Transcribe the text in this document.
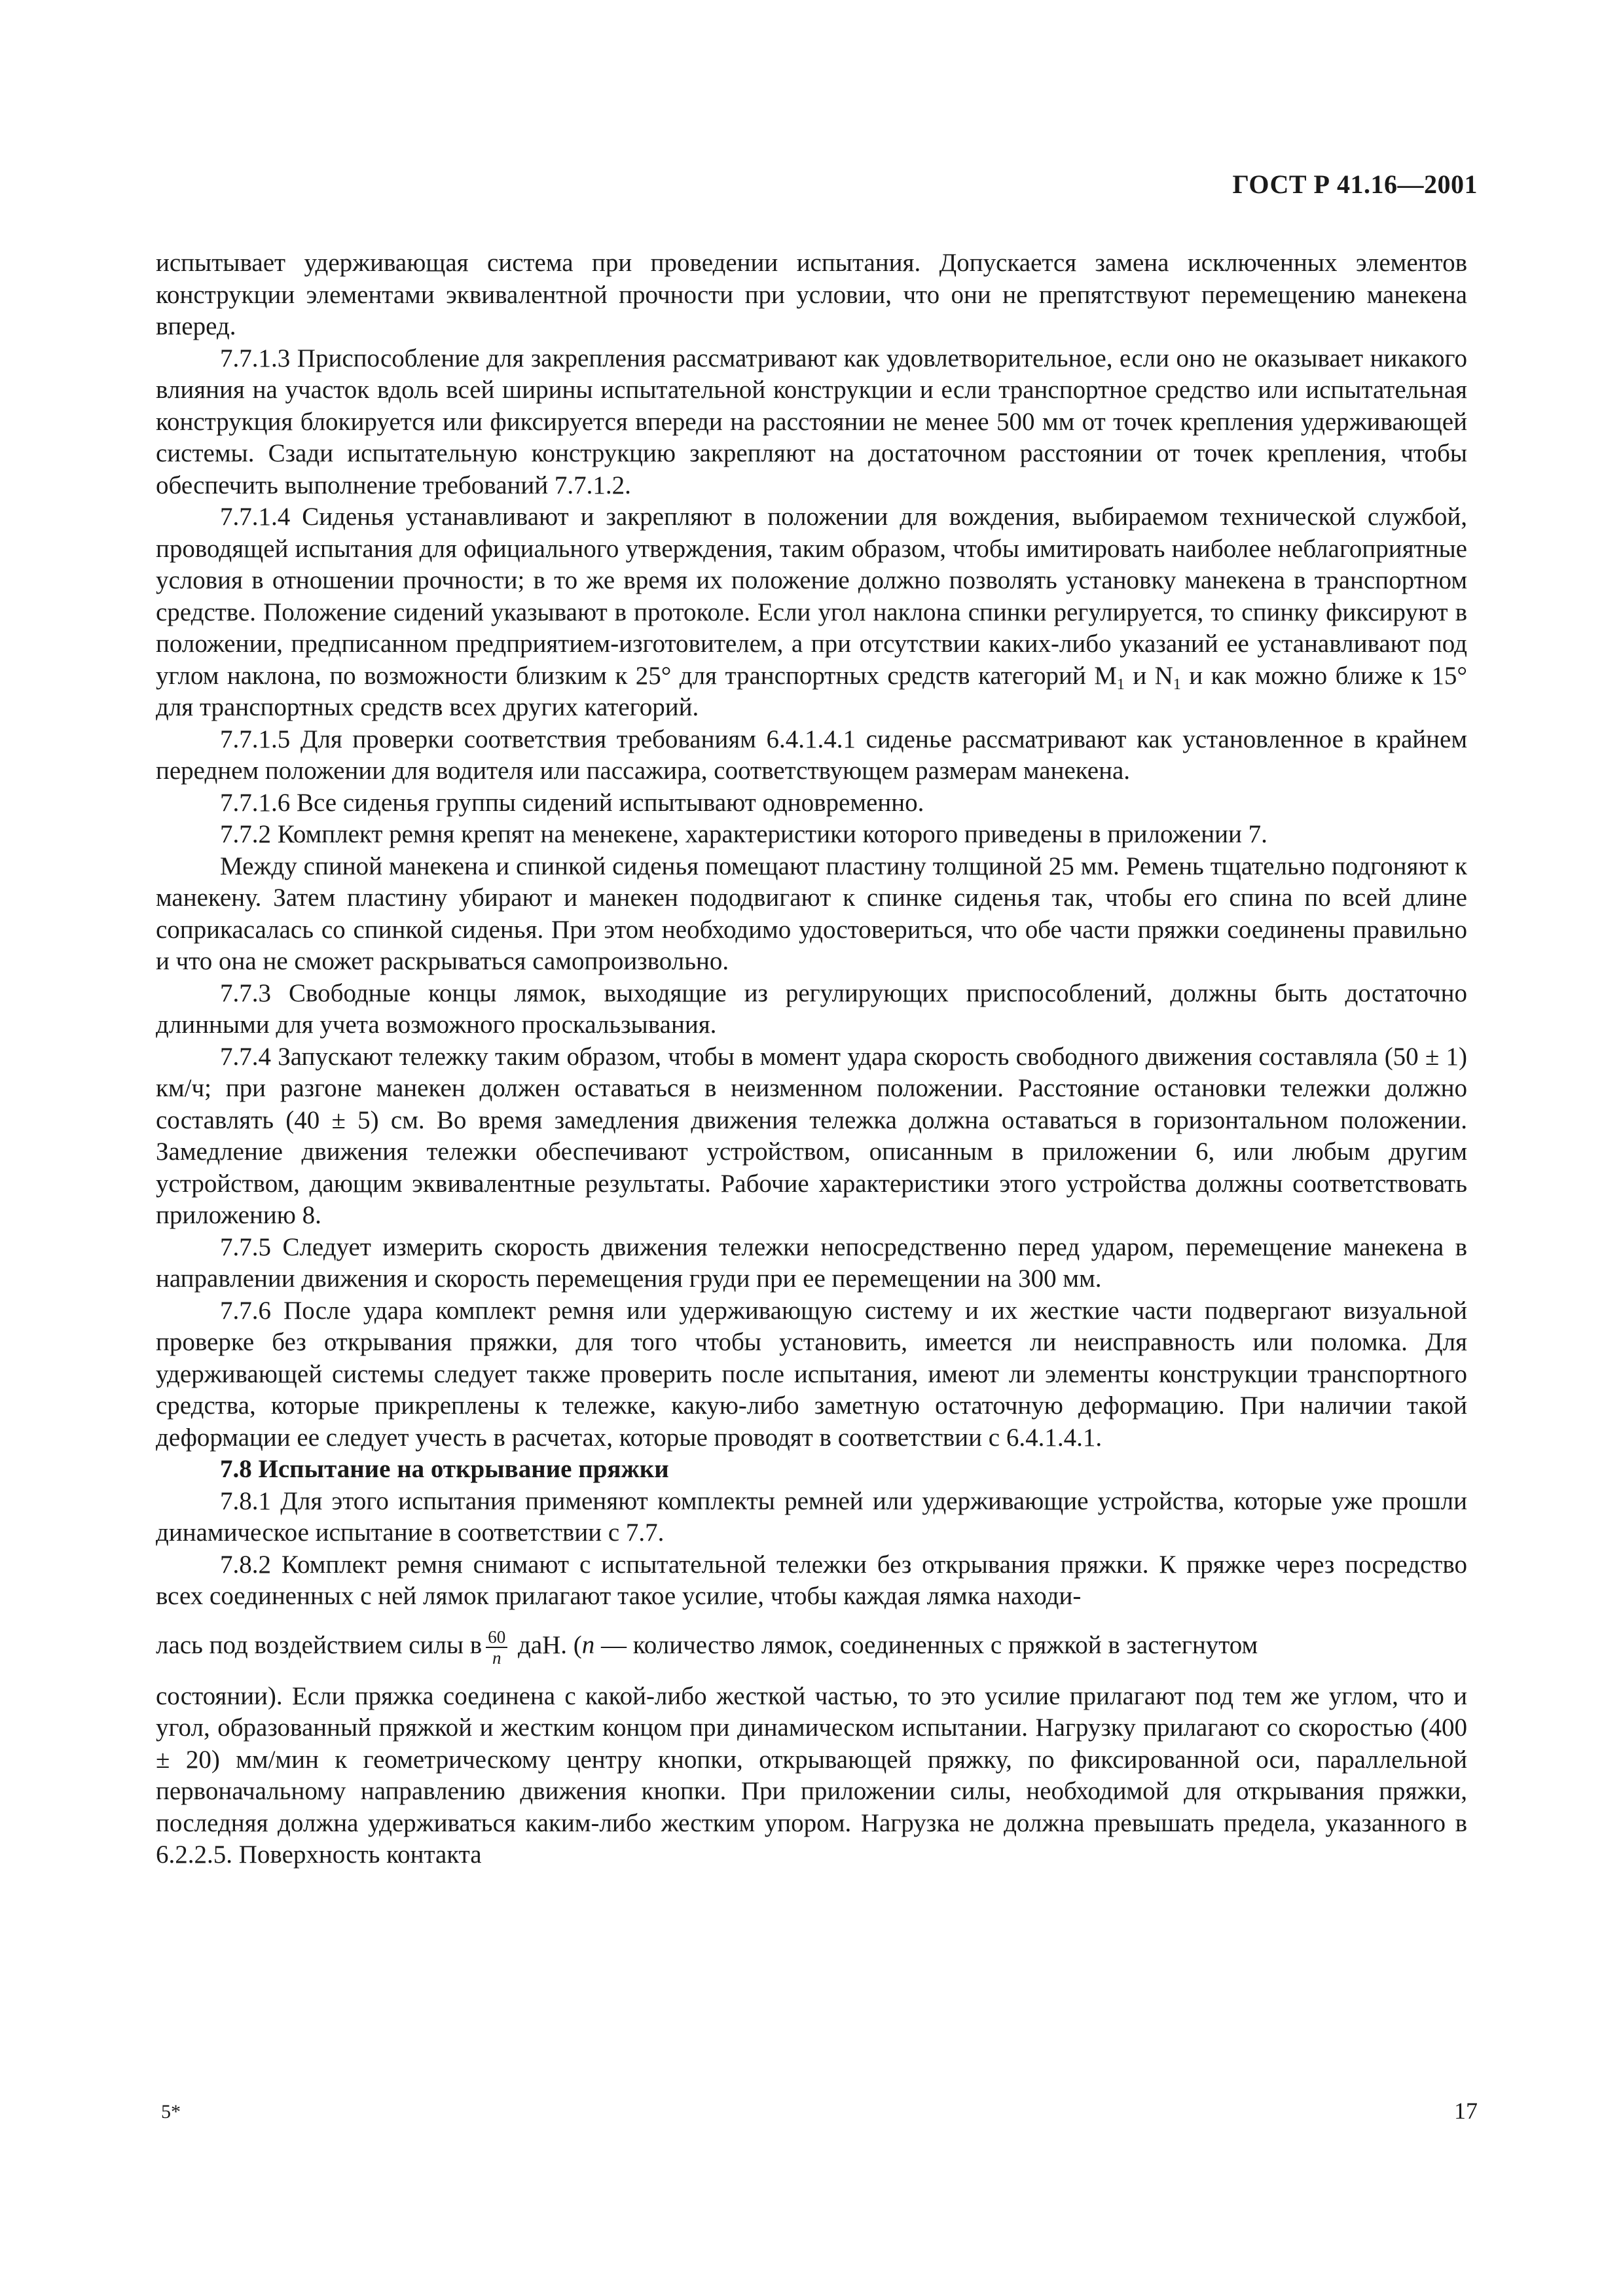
ГОСТ Р 41.16—2001

испытывает удерживающая система при проведении испытания. Допускается замена исключенных элементов конструкции элементами эквивалентной прочности при условии, что они не препятствуют перемещению манекена вперед.

7.7.1.3 Приспособление для закрепления рассматривают как удовлетворительное, если оно не оказывает никакого влияния на участок вдоль всей ширины испытательной конструкции и если транспортное средство или испытательная конструкция блокируется или фиксируется впереди на расстоянии не менее 500 мм от точек крепления удерживающей системы. Сзади испытательную конструкцию закрепляют на достаточном расстоянии от точек крепления, чтобы обеспечить выполнение требований 7.7.1.2.

7.7.1.4 Сиденья устанавливают и закрепляют в положении для вождения, выбираемом технической службой, проводящей испытания для официального утверждения, таким образом, чтобы имитировать наиболее неблагоприятные условия в отношении прочности; в то же время их положение должно позволять установку манекена в транспортном средстве. Положение сидений указывают в протоколе. Если угол наклона спинки регулируется, то спинку фиксируют в положении, предписанном предприятием-изготовителем, а при отсутствии каких-либо указаний ее устанавливают под углом наклона, по возможности близким к 25° для транспортных средств категорий $M_1$ и $N_1$ и как можно ближе к 15° для транспортных средств всех других категорий.

7.7.1.5 Для проверки соответствия требованиям 6.4.1.4.1 сиденье рассматривают как установленное в крайнем переднем положении для водителя или пассажира, соответствующем размерам манекена.

7.7.1.6 Все сиденья группы сидений испытывают одновременно.

7.7.2 Комплект ремня крепят на менекене, характеристики которого приведены в приложении 7.

Между спиной манекена и спинкой сиденья помещают пластину толщиной 25 мм. Ремень тщательно подгоняют к манекену. Затем пластину убирают и манекен пододвигают к спинке сиденья так, чтобы его спина по всей длине соприкасалась со спинкой сиденья. При этом необходимо удостовериться, что обе части пряжки соединены правильно и что она не сможет раскрываться самопроизвольно.

7.7.3 Свободные концы лямок, выходящие из регулирующих приспособлений, должны быть достаточно длинными для учета возможного проскальзывания.

7.7.4 Запускают тележку таким образом, чтобы в момент удара скорость свободного движения составляла (50 ± 1) км/ч; при разгоне манекен должен оставаться в неизменном положении. Расстояние остановки тележки должно составлять (40 ± 5) см. Во время замедления движения тележка должна оставаться в горизонтальном положении. Замедление движения тележки обеспечивают устройством, описанным в приложении 6, или любым другим устройством, дающим эквивалентные результаты. Рабочие характеристики этого устройства должны соответствовать приложению 8.

7.7.5 Следует измерить скорость движения тележки непосредственно перед ударом, перемещение манекена в направлении движения и скорость перемещения груди при ее перемещении на 300 мм.

7.7.6 После удара комплект ремня или удерживающую систему и их жесткие части подвергают визуальной проверке без открывания пряжки, для того чтобы установить, имеется ли неисправность или поломка. Для удерживающей системы следует также проверить после испытания, имеют ли элементы конструкции транспортного средства, которые прикреплены к тележке, какую-либо заметную остаточную деформацию. При наличии такой деформации ее следует учесть в расчетах, которые проводят в соответствии с 6.4.1.4.1.

7.8 Испытание на открывание пряжки

7.8.1 Для этого испытания применяют комплекты ремней или удерживающие устройства, которые уже прошли динамическое испытание в соответствии с 7.7.

7.8.2 Комплект ремня снимают с испытательной тележки без открывания пряжки. К пряжке через посредство всех соединенных с ней лямок прилагают такое усилие, чтобы каждая лямка находи-

лась под воздействием силы в $\frac{60}{n}$ даН. (n — количество лямок, соединенных с пряжкой в застегнутом

состоянии). Если пряжка соединена с какой-либо жесткой частью, то это усилие прилагают под тем же углом, что и угол, образованный пряжкой и жестким концом при динамическом испытании. Нагрузку прилагают со скоростью (400 ± 20) мм/мин к геометрическому центру кнопки, открывающей пряжку, по фиксированной оси, параллельной первоначальному направлению движения кнопки. При приложении силы, необходимой для открывания пряжки, последняя должна удерживаться каким-либо жестким упором. Нагрузка не должна превышать предела, указанного в 6.2.2.5. Поверхность контакта

5*	17
